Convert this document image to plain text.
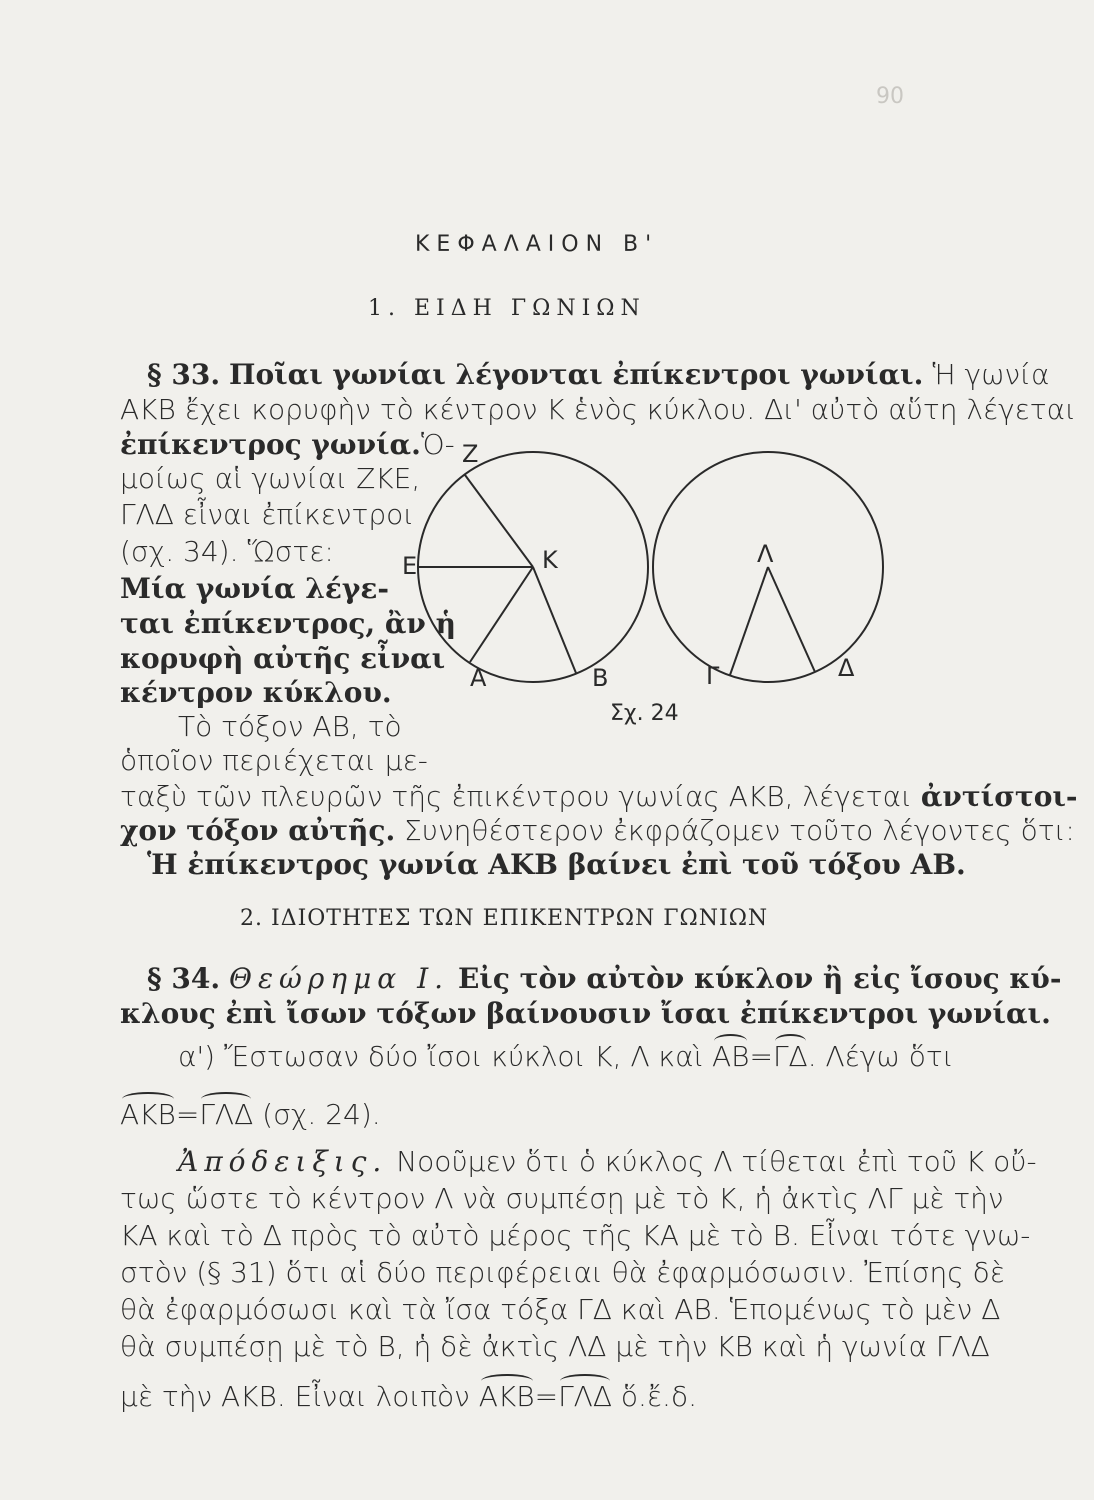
90
ΚΕΦΑΛΑΙΟΝ Β'
1. ΕΙΔΗ ΓΩΝΙΩΝ
§ 33. Ποῖαι γωνίαι λέγονται ἐπίκεντροι γωνίαι. Ἡ γωνία
ΑΚΒ ἔχει κορυφὴν τὸ κέντρον Κ ἑνὸς κύκλου. Δι' αὐτὸ αὕτη λέγεται
ἐπίκεντρος γωνία.Ὁ-
μοίως αἱ γωνίαι ΖΚΕ,
ΓΛΔ εἶναι ἐπίκεντροι
(σχ. 34). Ὥστε:
Μία γωνία λέγε-
ται ἐπίκεντρος, ἂν ἡ
κορυφὴ αὐτῆς εἶναι
κέντρον κύκλου.
Τὸ τόξον ΑΒ, τὸ
ὁποῖον περιέχεται με-
ταξὺ τῶν πλευρῶν τῆς ἐπικέντρου γωνίας ΑΚΒ, λέγεται ἀντίστοι-
χον τόξον αὐτῆς. Συνηθέστερον ἐκφράζομεν τοῦτο λέγοντες ὅτι:
Ἡ ἐπίκεντρος γωνία ΑΚΒ βαίνει ἐπὶ τοῦ τόξου ΑΒ.
Z
E	K
A	B
Λ
Γ	Δ
Σχ. 24
2. ΙΔΙΟΤΗΤΕΣ ΤΩΝ ΕΠΙΚΕΝΤΡΩΝ ΓΩΝΙΩΝ
§ 34. Θεώρημα Ι. Εἰς τὸν αὐτὸν κύκλον ἢ εἰς ἴσους κύ-
κλους ἐπὶ ἴσων τόξων βαίνουσιν ἴσαι ἐπίκεντροι γωνίαι.
α') Ἔστωσαν δύο ἴσοι κύκλοι Κ, Λ καὶ ΑΒ=ΓΔ. Λέγω ὅτι
ΑΚΒ=ΓΛΔ (σχ. 24).
Ἀπόδειξις. Νοοῦμεν ὅτι ὁ κύκλος Λ τίθεται ἐπὶ τοῦ Κ οὔ-
τως ὥστε τὸ κέντρον Λ νὰ συμπέσῃ μὲ τὸ Κ, ἡ ἀκτὶς ΛΓ μὲ τὴν
ΚΑ καὶ τὸ Δ πρὸς τὸ αὐτὸ μέρος τῆς ΚΑ μὲ τὸ Β. Εἶναι τότε γνω-
στὸν (§ 31) ὅτι αἱ δύο περιφέρειαι θὰ ἐφαρμόσωσιν. Ἐπίσης δὲ
θὰ ἐφαρμόσωσι καὶ τὰ ἴσα τόξα ΓΔ καὶ ΑΒ. Ἑπομένως τὸ μὲν Δ
θὰ συμπέσῃ μὲ τὸ Β, ἡ δὲ ἀκτὶς ΛΔ μὲ τὴν ΚΒ καὶ ἡ γωνία ΓΛΔ
μὲ τὴν ΑΚΒ. Εἶναι λοιπὸν ΑΚΒ=ΓΛΔ ὅ.ἔ.δ.
